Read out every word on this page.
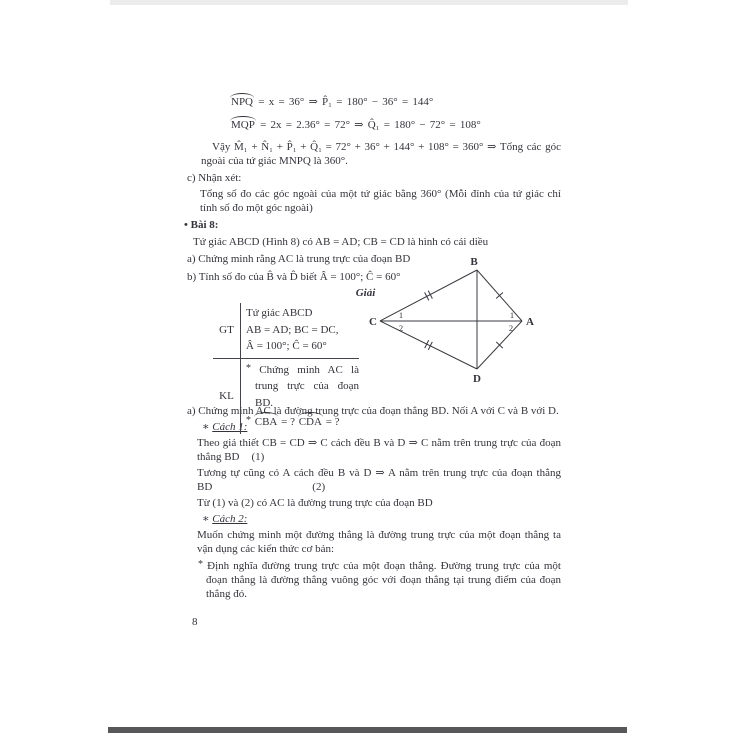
NPQ = x = 36° ⇒ P̂₁ = 180° − 36° = 144°
MQP = 2x = 2.36° = 72° ⇒ Q̂₁ = 180° − 72° = 108°
Vậy M̂₁ + N̂₁ + P̂₁ + Q̂₁ = 72° + 36° + 144° + 108° = 360° ⇒ Tổng các góc ngoài của tứ giác MNPQ là 360°.
c) Nhận xét:
Tổng số đo các góc ngoài của một tứ giác bằng 360° (Mỗi đỉnh của tứ giác chỉ tính số đo một góc ngoài)
• Bài 8:
Tứ giác ABCD (Hình 8) có AB = AD; CB = CD là hình có cái diều
a) Chứng minh rằng AC là trung trực của đoạn BD
b) Tính số đo của B̂ và D̂ biết Â = 100°; Ĉ = 60°
Giải
GT
Tứ giác ABCD
AB = AD; BC = DC,
Â = 100°; Ĉ = 60°
KL
* Chứng minh AC là trung trực của đoạn BD.
* CBA = ? CDA = ?
a) Chứng minh AC là đường trung trực của đoạn thẳng BD. Nối A với C và B với D.
∗ Cách 1:
Theo giả thiết CB = CD ⇒ C cách đều B và D ⇒ C nằm trên trung trực của đoạn thẳng BD (1)
Tương tự cũng có A cách đều B và D ⇒ A nằm trên trung trực của đoạn thẳng BD	(2)
Từ (1) và (2) có AC là đường trung trực của đoạn BD
∗ Cách 2:
Muốn chứng minh một đường thẳng là đường trung trực của một đoạn thẳng ta vận dụng các kiến thức cơ bản:
* Định nghĩa đường trung trực của một đoạn thẳng. Đường trung trực của một đoạn thẳng là đường thẳng vuông góc với đoạn thẳng tại trung điểm của đoạn thẳng đó.
B
C	A
D
1
2
1
2
8
